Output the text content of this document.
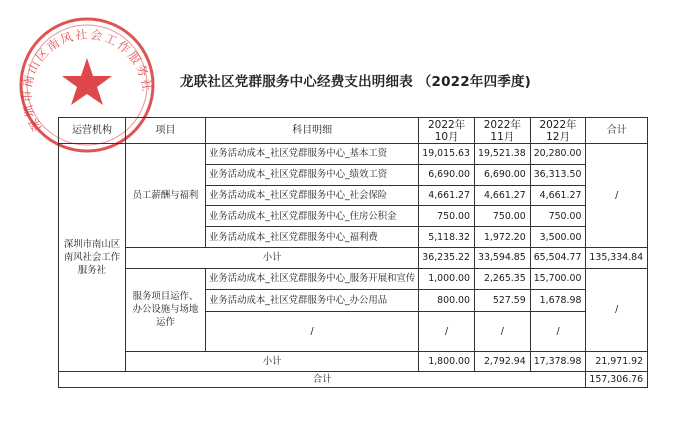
深圳市南山区南风社会工作服务社 龙联社区党群服务中心经费支出明细表 （2022年四季度)
运营机构	项目	科目明细	2022年10月	2022年11月	2022年12月	合计
深圳市南山区南风社会工作服务社	员工薪酬与福利	业务活动成本_社区党群服务中心_基本工资	19,015.63	19,521.38	20,280.00	/
		业务活动成本_社区党群服务中心_绩效工资	6,690.00	6,690.00	36,313.50	
		业务活动成本_社区党群服务中心_社会保险	4,661.27	4,661.27	4,661.27	
		业务活动成本_社区党群服务中心_住房公积金	750.00	750.00	750.00	
		业务活动成本_社区党群服务中心_福利费	5,118.32	1,972.20	3,500.00	
	小计		36,235.22	33,594.85	65,504.77	135,334.84
	服务项目运作、办公设施与场地运作	业务活动成本_社区党群服务中心_服务开展和宣传	1,000.00	2,265.35	15,700.00	/
		业务活动成本_社区党群服务中心_办公用品	800.00	527.59	1,678.98	
		/	/	/	/	
	小计		1,800.00	2,792.94	17,378.98	21,971.92
合计						157,306.76
